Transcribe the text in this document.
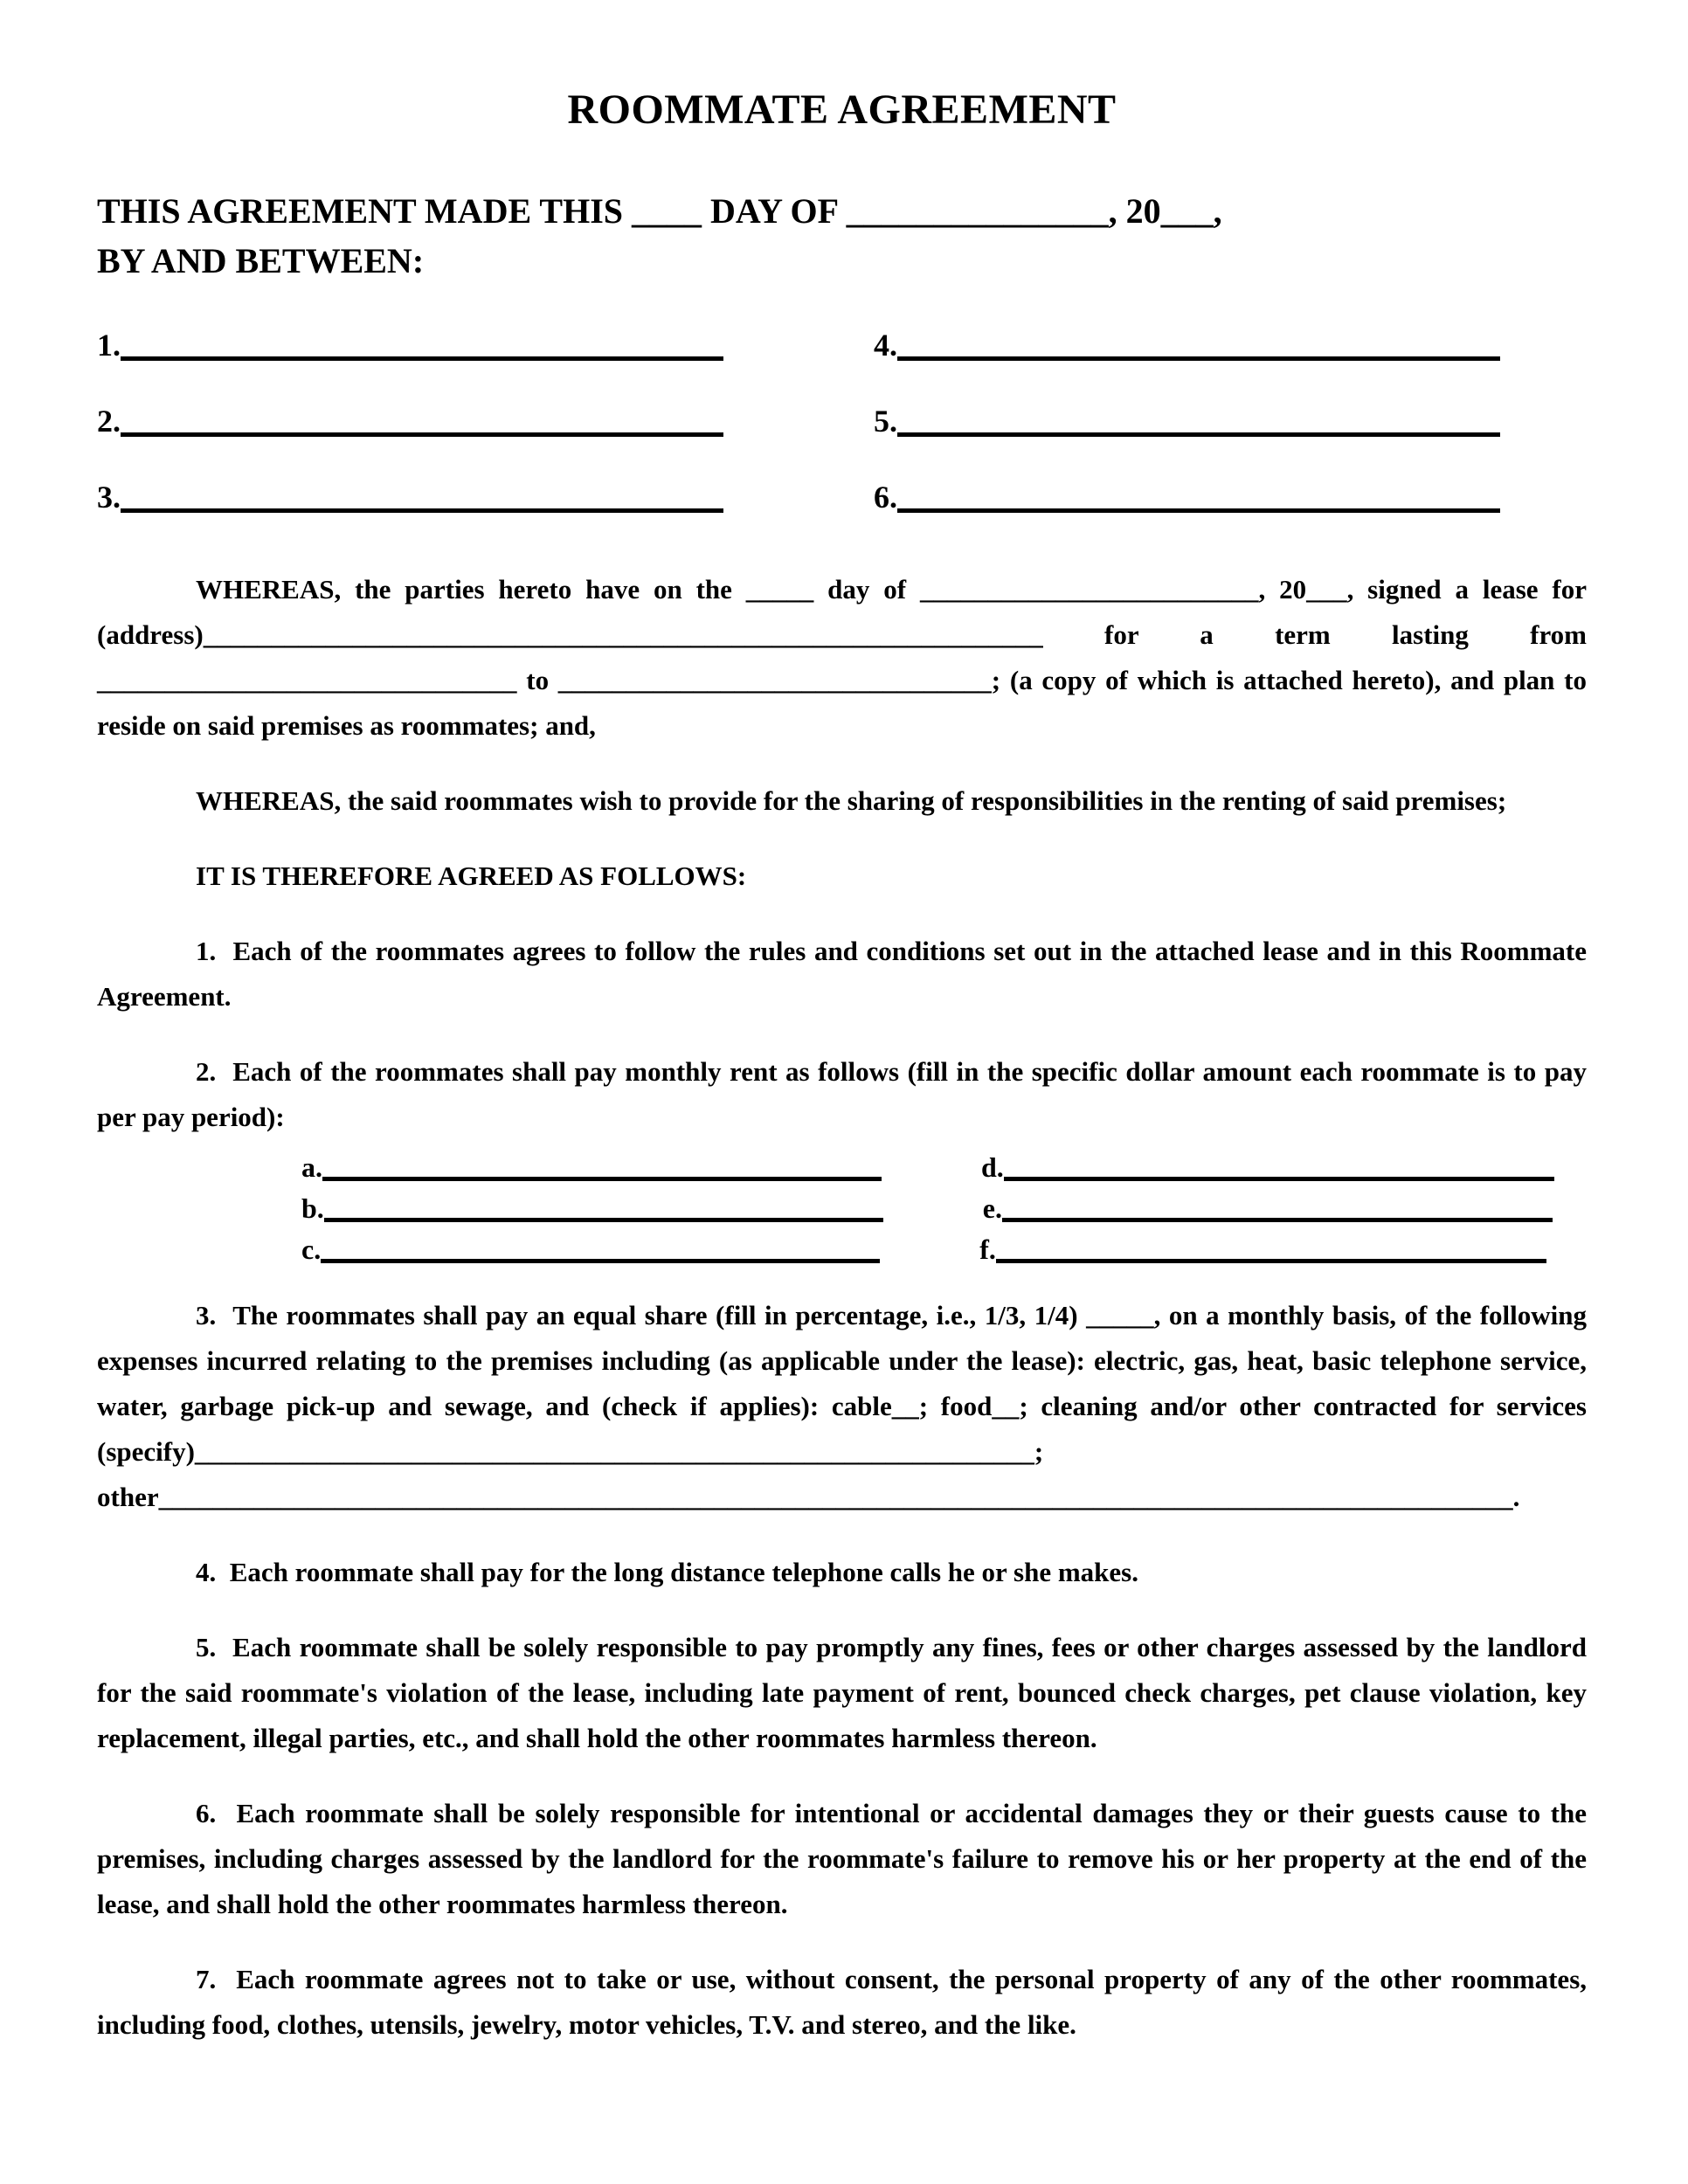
ROOMMATE AGREEMENT
THIS AGREEMENT MADE THIS ____ DAY OF _______________, 20___,
BY AND BETWEEN:
1.	4.
2.	5.
3.	6.

WHEREAS, the parties hereto have on the _____ day of _________________________, 20___, signed a lease for (address)______________________________________________________________ for a term lasting from _______________________________ to ________________________________; (a copy of which is attached hereto), and plan to reside on said premises as roommates; and,

WHEREAS, the said roommates wish to provide for the sharing of responsibilities in the renting of said premises;

IT IS THEREFORE AGREED AS FOLLOWS:

1. Each of the roommates agrees to follow the rules and conditions set out in the attached lease and in this Roommate Agreement.

2. Each of the roommates shall pay monthly rent as follows (fill in the specific dollar amount each roommate is to pay per pay period):

a.	d.
b.	e.
c.	f.

3. The roommates shall pay an equal share (fill in percentage, i.e., 1/3, 1/4) _____, on a monthly basis, of the following expenses incurred relating to the premises including (as applicable under the lease): electric, gas, heat, basic telephone service, water, garbage pick-up and sewage, and (check if applies): cable__; food__; cleaning and/or other contracted for services (specify)______________________________________________________________; other____________________________________________________________________________________________________.

4. Each roommate shall pay for the long distance telephone calls he or she makes.

5. Each roommate shall be solely responsible to pay promptly any fines, fees or other charges assessed by the landlord for the said roommate's violation of the lease, including late payment of rent, bounced check charges, pet clause violation, key replacement, illegal parties, etc., and shall hold the other roommates harmless thereon.

6. Each roommate shall be solely responsible for intentional or accidental damages they or their guests cause to the premises, including charges assessed by the landlord for the roommate's failure to remove his or her property at the end of the lease, and shall hold the other roommates harmless thereon.

7. Each roommate agrees not to take or use, without consent, the personal property of any of the other roommates, including food, clothes, utensils, jewelry, motor vehicles, T.V. and stereo, and the like.
